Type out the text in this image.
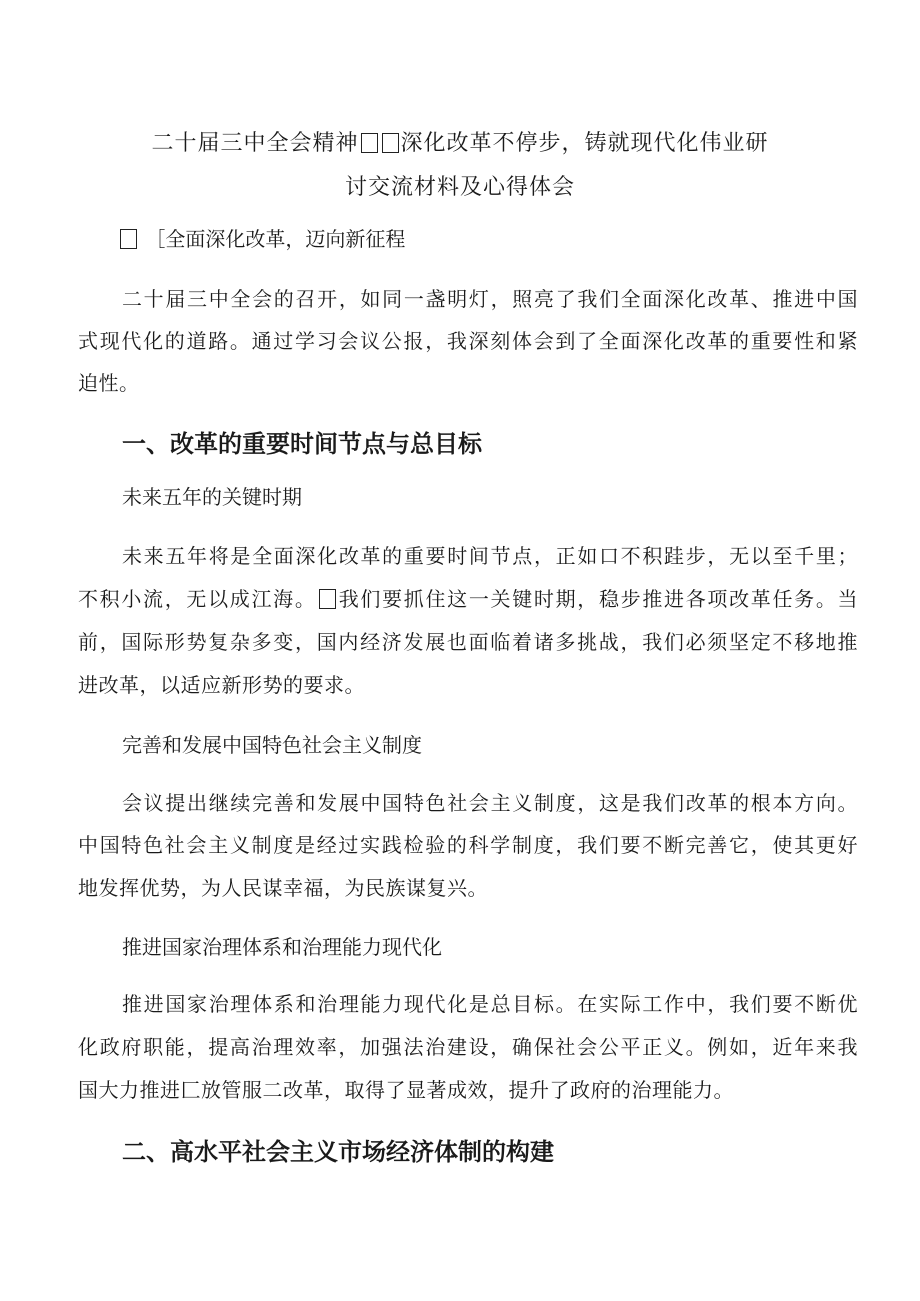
二十届三中全会精神 深化改革不停步，铸就现代化伟业研
讨交流材料及心得体会
［全面深化改革，迈向新征程
二十届三中全会的召开，如同一盏明灯，照亮了我们全面深化改革、推进中国
式现代化的道路。通过学习会议公报，我深刻体会到了全面深化改革的重要性和紧
迫性。
一、改革的重要时间节点与总目标
未来五年的关键时期
未来五年将是全面深化改革的重要时间节点，正如口不积跬步，无以至千里；
不积小流，无以成江海。 我们要抓住这一关键时期，稳步推进各项改革任务。当
前，国际形势复杂多变，国内经济发展也面临着诸多挑战，我们必须坚定不移地推
进改革，以适应新形势的要求。
完善和发展中国特色社会主义制度
会议提出继续完善和发展中国特色社会主义制度，这是我们改革的根本方向。
中国特色社会主义制度是经过实践检验的科学制度，我们要不断完善它，使其更好
地发挥优势，为人民谋幸福，为民族谋复兴。
推进国家治理体系和治理能力现代化
推进国家治理体系和治理能力现代化是总目标。在实际工作中，我们要不断优
化政府职能，提高治理效率，加强法治建设，确保社会公平正义。例如，近年来我
国大力推进匚放管服二改革，取得了显著成效，提升了政府的治理能力。
二、高水平社会主义市场经济体制的构建
